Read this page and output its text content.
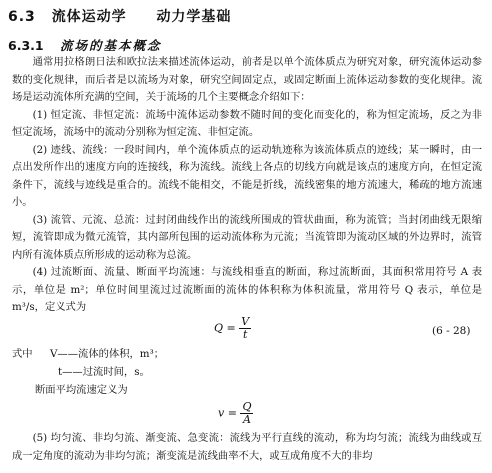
6.3 流体运动学 动力学基础
6.3.1 流场的基本概念

通常用拉格朗日法和欧拉法来描述流体运动，前者是以单个流体质点为研究对象，研究流体运动参数的变化规律，而后者是以流场为对象，研究空间固定点，或固定断面上流体运动参数的变化规律。流场是运动流体所充满的空间，关于流场的几个主要概念介绍如下：

(1) 恒定流、非恒定流：流场中流体运动参数不随时间的变化而变化的，称为恒定流场，反之为非恒定流场，流场中的流动分别称为恒定流、非恒定流。

(2) 迹线、流线：一段时间内，单个流体质点的运动轨迹称为该流体质点的迹线；某一瞬时，由一点出发所作出的速度方向的连接线，称为流线。流线上各点的切线方向就是该点的速度方向，在恒定流条件下，流线与迹线是重合的。流线不能相交，不能是折线，流线密集的地方流速大，稀疏的地方流速小。

(3) 流管、元流、总流：过封闭曲线作出的流线所围成的管状曲面，称为流管；当封闭曲线无限缩短，流管即成为微元流管，其内部所包围的运动流体称为元流；当流管即为流动区域的外边界时，流管内所有流体质点所形成的运动称为总流。

(4) 过流断面、流量、断面平均流速：与流线相垂直的断面，称过流断面，其面积常用符号 A 表示，单位是 m²；单位时间里流过过流断面的流体的体积称为体积流量，常用符号 Q 表示，单位是 m³/s，定义式为

$Q = \frac{V}{t}$	(6 - 28)
式中 V——流体的体积，m³；
t——过流时间，s。
断面平均流速定义为
$v = \frac{Q}{A}$

(5) 均匀流、非均匀流、渐变流、急变流：流线为平行直线的流动，称为均匀流；流线为曲线或互成一定角度的流动为非均匀流；渐变流是流线曲率不大，或互成角度不大的非均
